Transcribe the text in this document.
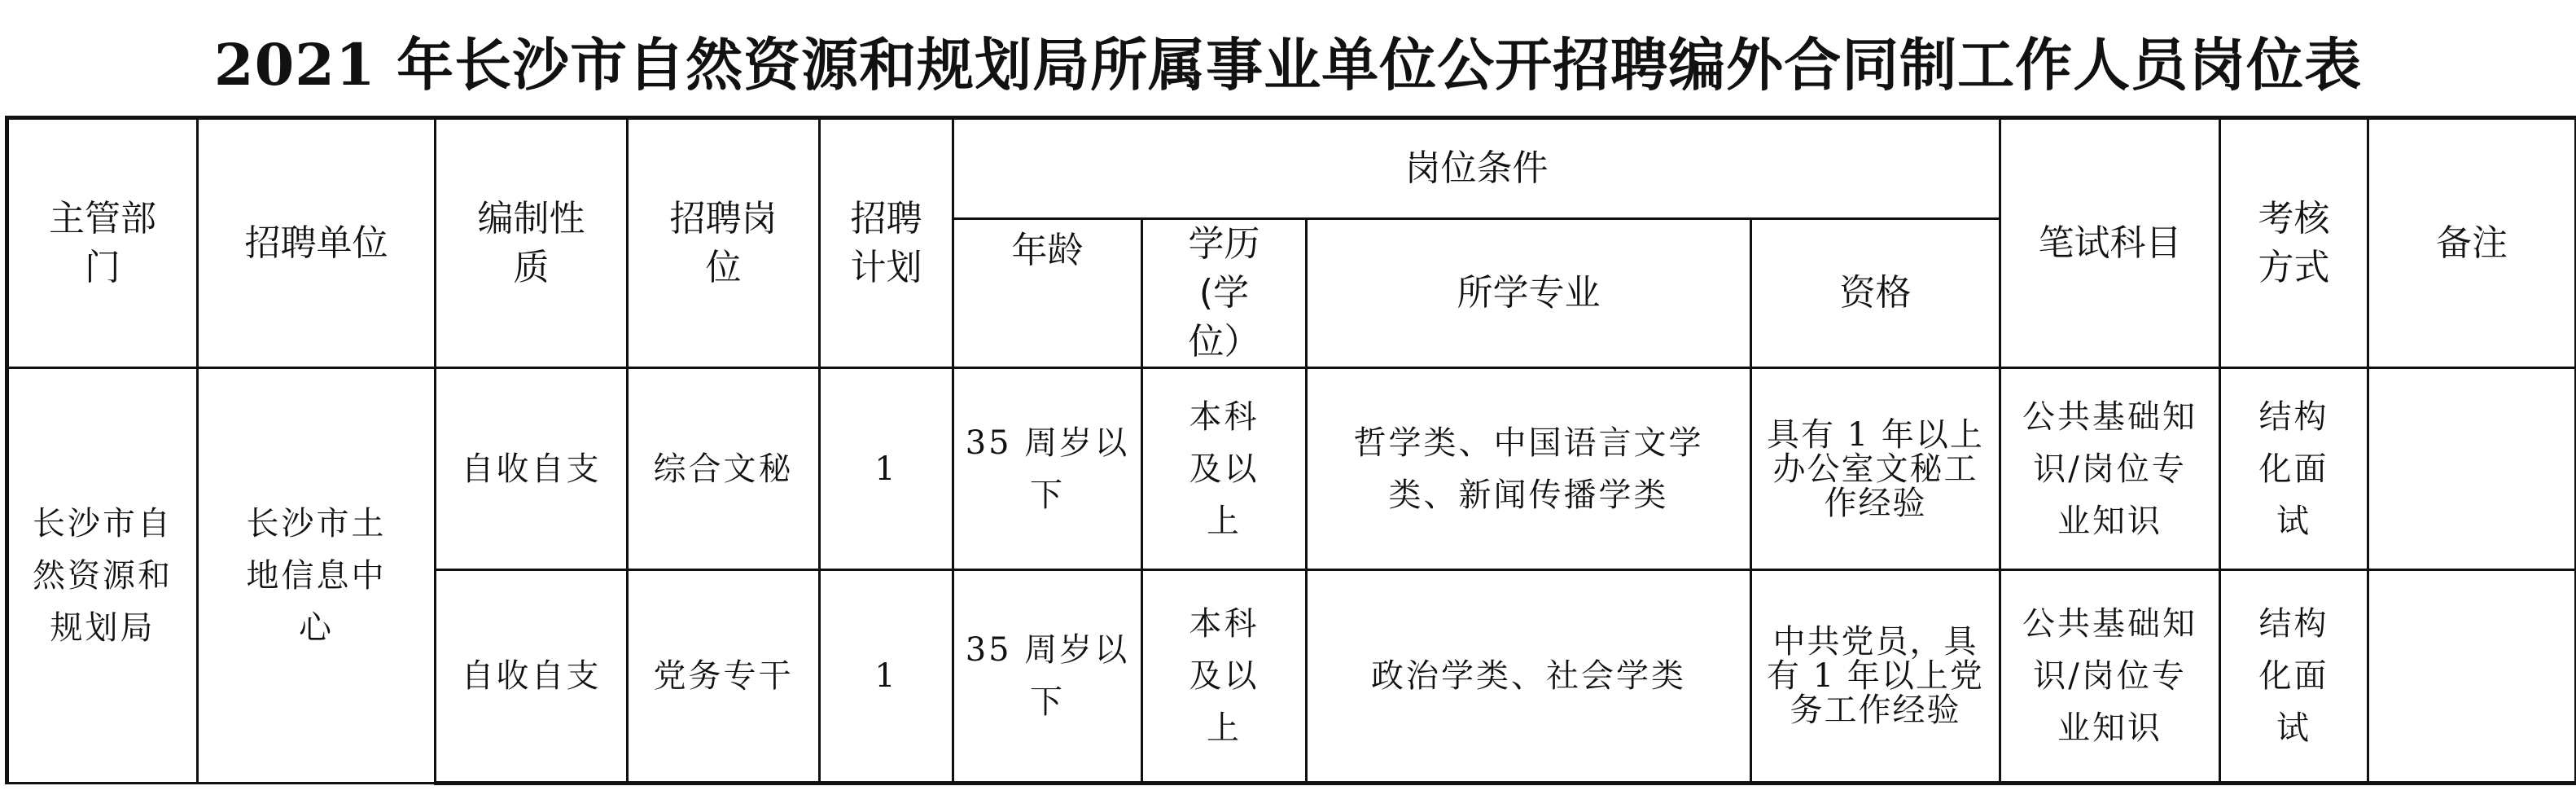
2021 年长沙市自然资源和规划局所属事业单位公开招聘编外合同制工作人员岗位表
主管部门	招聘单位	编制性质	招聘岗位	招聘计划	岗位条件				笔试科目	考核方式	备注
					年龄	学历(学位）	所学专业	资格			
长沙市自然资源和规划局	长沙市土地信息中心	自收自支	综合文秘	1	35 周岁以下	本科及以上	哲学类、中国语言文学类、新闻传播学类	具有 1 年以上办公室文秘工作经验	公共基础知识/岗位专业知识	结构化面试	
		自收自支	党务专干	1	35 周岁以下	本科及以上	政治学类、社会学类	中共党员，具有 1 年以上党务工作经验	公共基础知识/岗位专业知识	结构化面试	
